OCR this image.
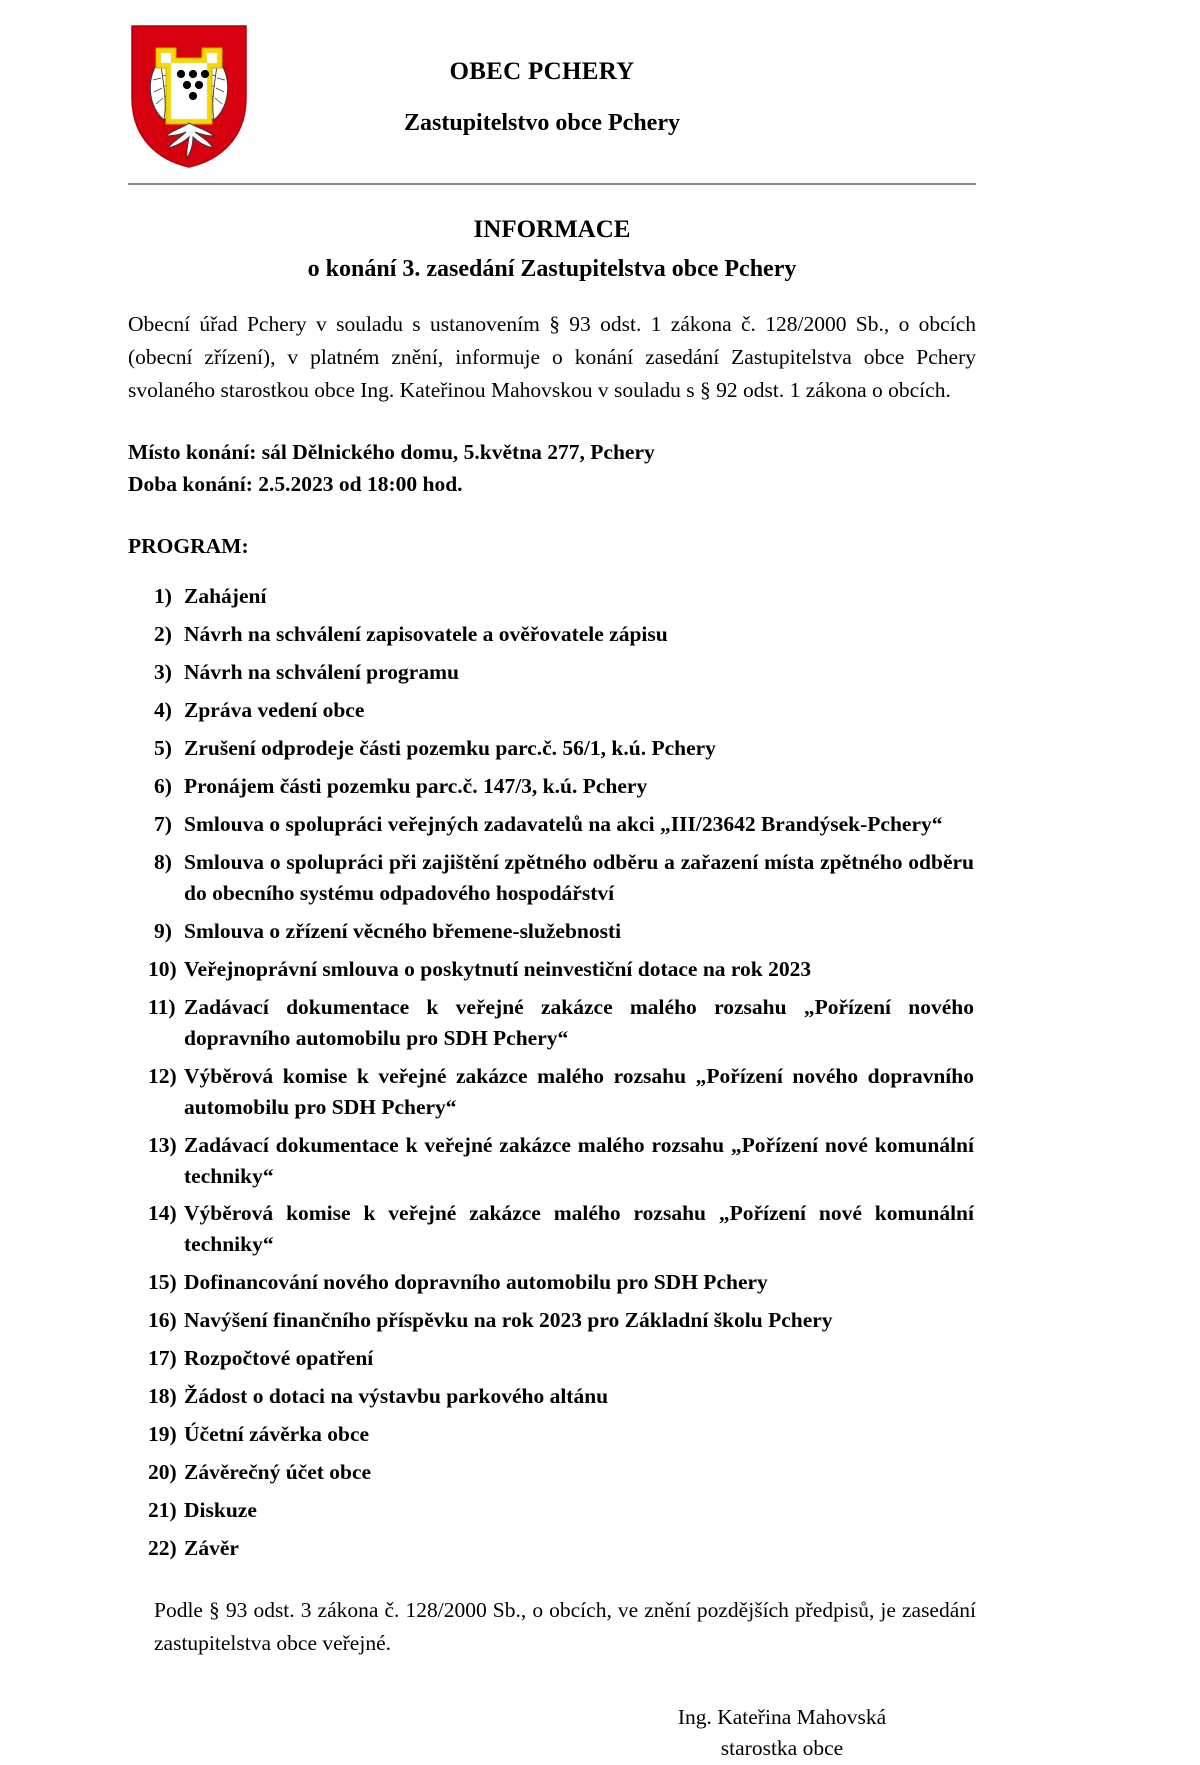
OBEC PCHERY
Zastupitelstvo obce Pchery
INFORMACE
o konání 3. zasedání Zastupitelstva obce Pchery

Obecní úřad Pchery v souladu s ustanovením § 93 odst. 1 zákona č. 128/2000 Sb., o obcích (obecní zřízení), v platném znění, informuje o konání zasedání Zastupitelstva obce Pchery svolaného starostkou obce Ing. Kateřinou Mahovskou v souladu s § 92 odst. 1 zákona o obcích.

Místo konání: sál Dělnického domu, 5.května 277, Pchery
Doba konání: 2.5.2023 od 18:00 hod.
PROGRAM:
1) Zahájení
2) Návrh na schválení zapisovatele a ověřovatele zápisu
3) Návrh na schválení programu
4) Zpráva vedení obce
5) Zrušení odprodeje části pozemku parc.č. 56/1, k.ú. Pchery
6) Pronájem části pozemku parc.č. 147/3, k.ú. Pchery
7) Smlouva o spolupráci veřejných zadavatelů na akci „III/23642 Brandýsek-Pchery“
8) Smlouva o spolupráci při zajištění zpětného odběru a zařazení místa zpětného odběru do obecního systému odpadového hospodářství
9) Smlouva o zřízení věcného břemene-služebnosti
10) Veřejnoprávní smlouva o poskytnutí neinvestiční dotace na rok 2023
11) Zadávací dokumentace k veřejné zakázce malého rozsahu „Pořízení nového dopravního automobilu pro SDH Pchery“
12) Výběrová komise k veřejné zakázce malého rozsahu „Pořízení nového dopravního automobilu pro SDH Pchery“
13) Zadávací dokumentace k veřejné zakázce malého rozsahu „Pořízení nové komunální techniky“
14) Výběrová komise k veřejné zakázce malého rozsahu „Pořízení nové komunální techniky“
15) Dofinancování nového dopravního automobilu pro SDH Pchery
16) Navýšení finančního příspěvku na rok 2023 pro Základní školu Pchery
17) Rozpočtové opatření
18) Žádost o dotaci na výstavbu parkového altánu
19) Účetní závěrka obce
20) Závěrečný účet obce
21) Diskuze
22) Závěr

Podle § 93 odst. 3 zákona č. 128/2000 Sb., o obcích, ve znění pozdějších předpisů, je zasedání zastupitelstva obce veřejné.

Ing. Kateřina Mahovská
starostka obce
